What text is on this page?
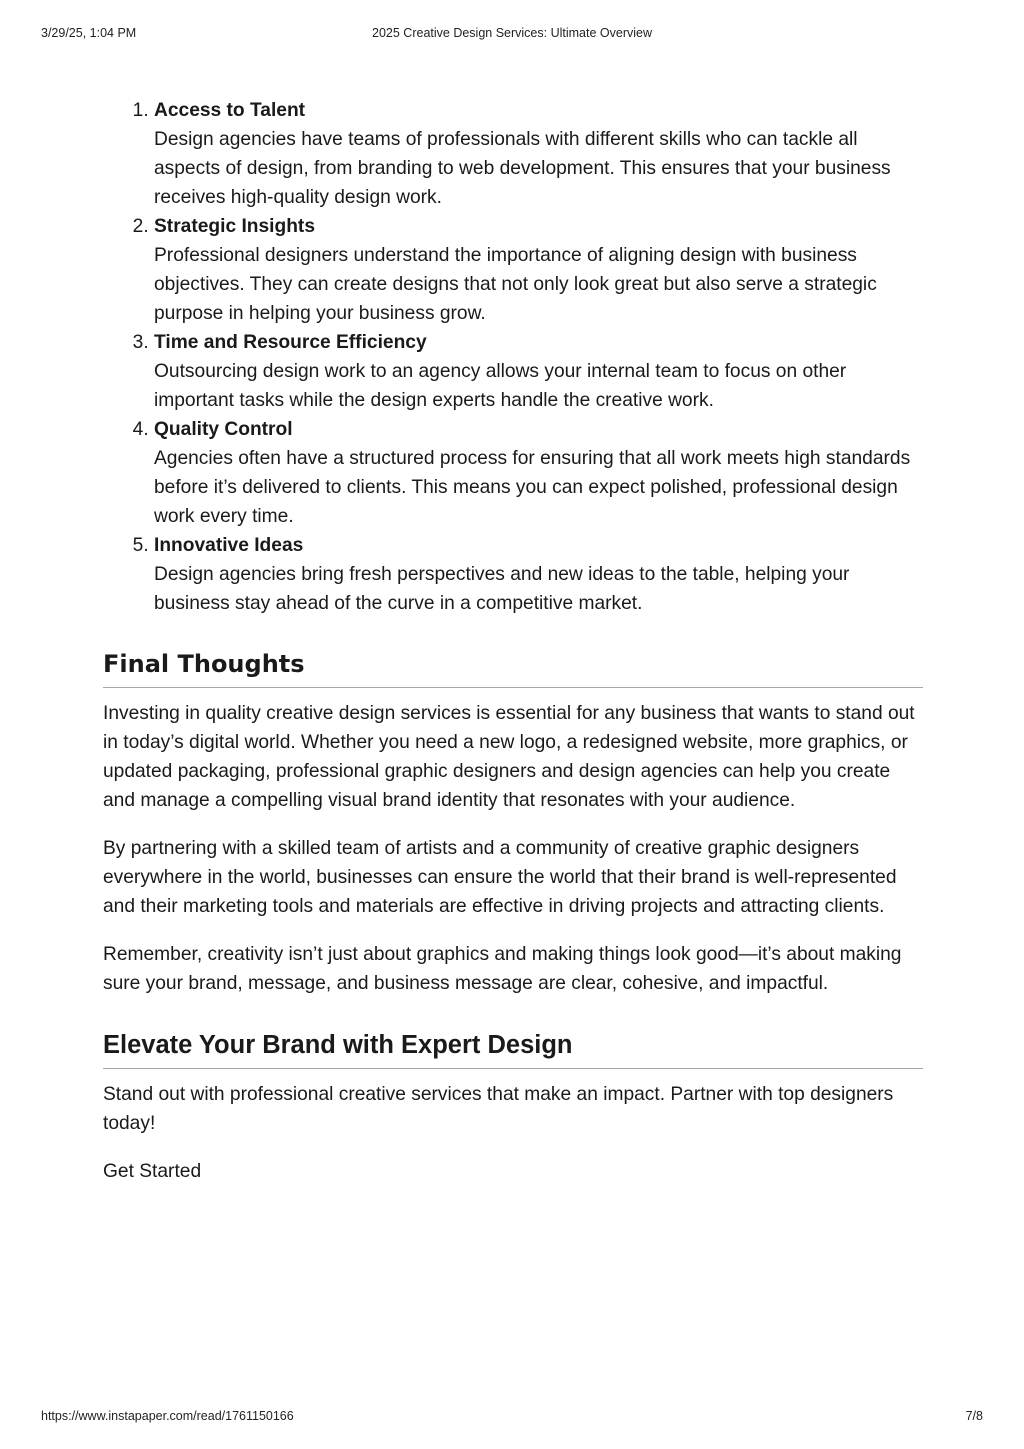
3/29/25, 1:04 PM	2025 Creative Design Services: Ultimate Overview
1. Access to Talent
Design agencies have teams of professionals with different skills who can tackle all aspects of design, from branding to web development. This ensures that your business receives high-quality design work.
2. Strategic Insights
Professional designers understand the importance of aligning design with business objectives. They can create designs that not only look great but also serve a strategic purpose in helping your business grow.
3. Time and Resource Efficiency
Outsourcing design work to an agency allows your internal team to focus on other important tasks while the design experts handle the creative work.
4. Quality Control
Agencies often have a structured process for ensuring that all work meets high standards before it’s delivered to clients. This means you can expect polished, professional design work every time.
5. Innovative Ideas
Design agencies bring fresh perspectives and new ideas to the table, helping your business stay ahead of the curve in a competitive market.
Final Thoughts

Investing in quality creative design services is essential for any business that wants to stand out in today’s digital world. Whether you need a new logo, a redesigned website, more graphics, or updated packaging, professional graphic designers and design agencies can help you create and manage a compelling visual brand identity that resonates with your audience.

By partnering with a skilled team of artists and a community of creative graphic designers everywhere in the world, businesses can ensure the world that their brand is well-represented and their marketing tools and materials are effective in driving projects and attracting clients.

Remember, creativity isn’t just about graphics and making things look good—it’s about making sure your brand, message, and business message are clear, cohesive, and impactful.

Elevate Your Brand with Expert Design

Stand out with professional creative services that make an impact. Partner with top designers today!

Get Started
https://www.instapaper.com/read/1761150166	7/8
